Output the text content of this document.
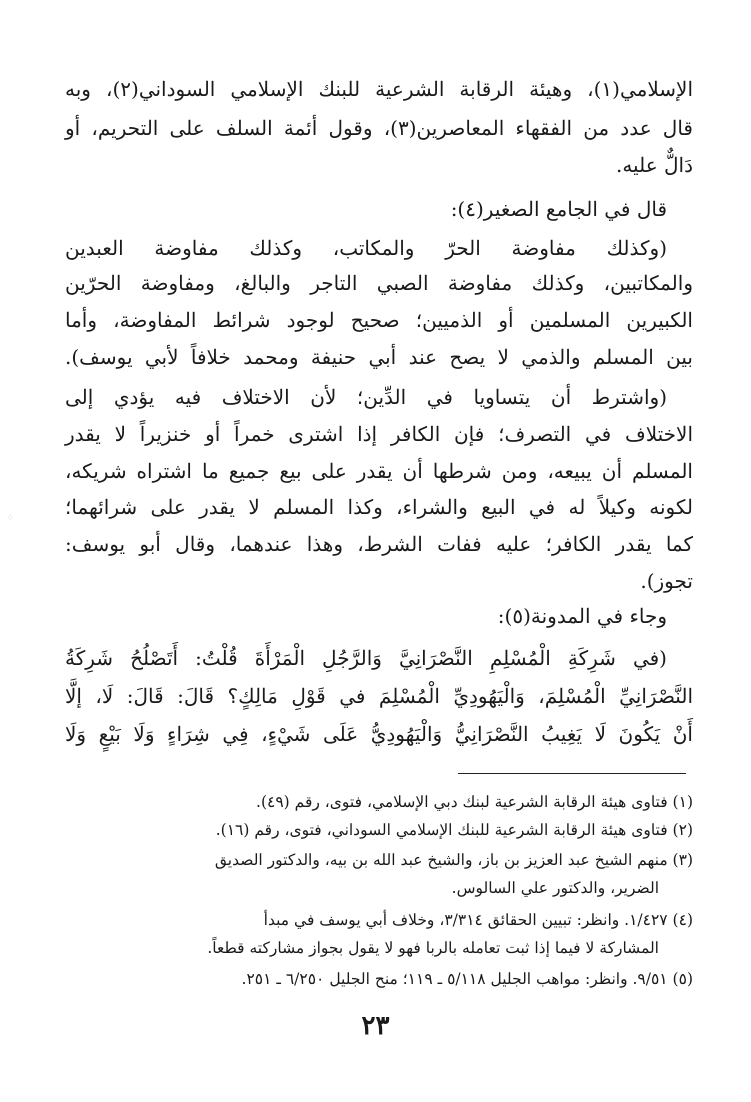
الإسلامي(١)، وهيئة الرقابة الشرعية للبنك الإسلامي السوداني(٢)، وبه
قال عدد من الفقهاء المعاصرين(٣)، وقول أئمة السلف على التحريم، أو
دَالٌّ عليه.
قال في الجامع الصغير(٤):
(وكذلك مفاوضة الحرّ والمكاتب، وكذلك مفاوضة العبدين
والمكاتبين، وكذلك مفاوضة الصبي التاجر والبالغ، ومفاوضة الحرّين
الكبيرين المسلمين أو الذميين؛ صحيح لوجود شرائط المفاوضة، وأما
بين المسلم والذمي لا يصح عند أبي حنيفة ومحمد خلافاً لأبي يوسف).
(واشترط أن يتساويا في الدِّين؛ لأن الاختلاف فيه يؤدي إلى
الاختلاف في التصرف؛ فإن الكافر إذا اشترى خمراً أو خنزيراً لا يقدر
المسلم أن يبيعه، ومن شرطها أن يقدر على بيع جميع ما اشتراه شريكه،
لكونه وكيلاً له في البيع والشراء، وكذا المسلم لا يقدر على شرائهما؛
كما يقدر الكافر؛ عليه ففات الشرط، وهذا عندهما، وقال أبو يوسف:
تجوز).
وجاء في المدونة(٥):
(في شَرِكَةِ الْمُسْلِمِ النَّصْرَانِيَّ وَالرَّجُلِ الْمَرْأَةَ قُلْتُ: أَتَصْلُحُ شَرِكَةُ
النَّصْرَانِيِّ الْمُسْلِمَ، وَالْيَهُودِيِّ الْمُسْلِمَ في قَوْلِ مَالِكٍ؟ قَالَ: قَالَ: لَا، إلَّا
أَنْ يَكُونَ لَا يَغِيبُ النَّصْرَانِيُّ وَالْيَهُودِيُّ عَلَى شَيْءٍ، فِي شِرَاءٍ وَلَا بَيْعٍ وَلَا
(١) فتاوى هيئة الرقابة الشرعية لبنك دبي الإسلامي، فتوى، رقم (٤٩).
(٢) فتاوى هيئة الرقابة الشرعية للبنك الإسلامي السوداني، فتوى، رقم (١٦).
(٣) منهم الشيخ عبد العزيز بن باز، والشيخ عبد الله بن بيه، والدكتور الصديق
الضرير، والدكتور علي السالوس.
(٤) ١/٤٢٧. وانظر: تبيين الحقائق ٣/٣١٤، وخلاف أبي يوسف في مبدأ
المشاركة لا فيما إذا ثبت تعامله بالربا فهو لا يقول بجواز مشاركته قطعاً.
(٥) ٩/٥١. وانظر: مواهب الجليل ٥/١١٨ ـ ١١٩؛ منح الجليل ٦/٢٥٠ ـ ٢٥١.
٢٣
⁘
